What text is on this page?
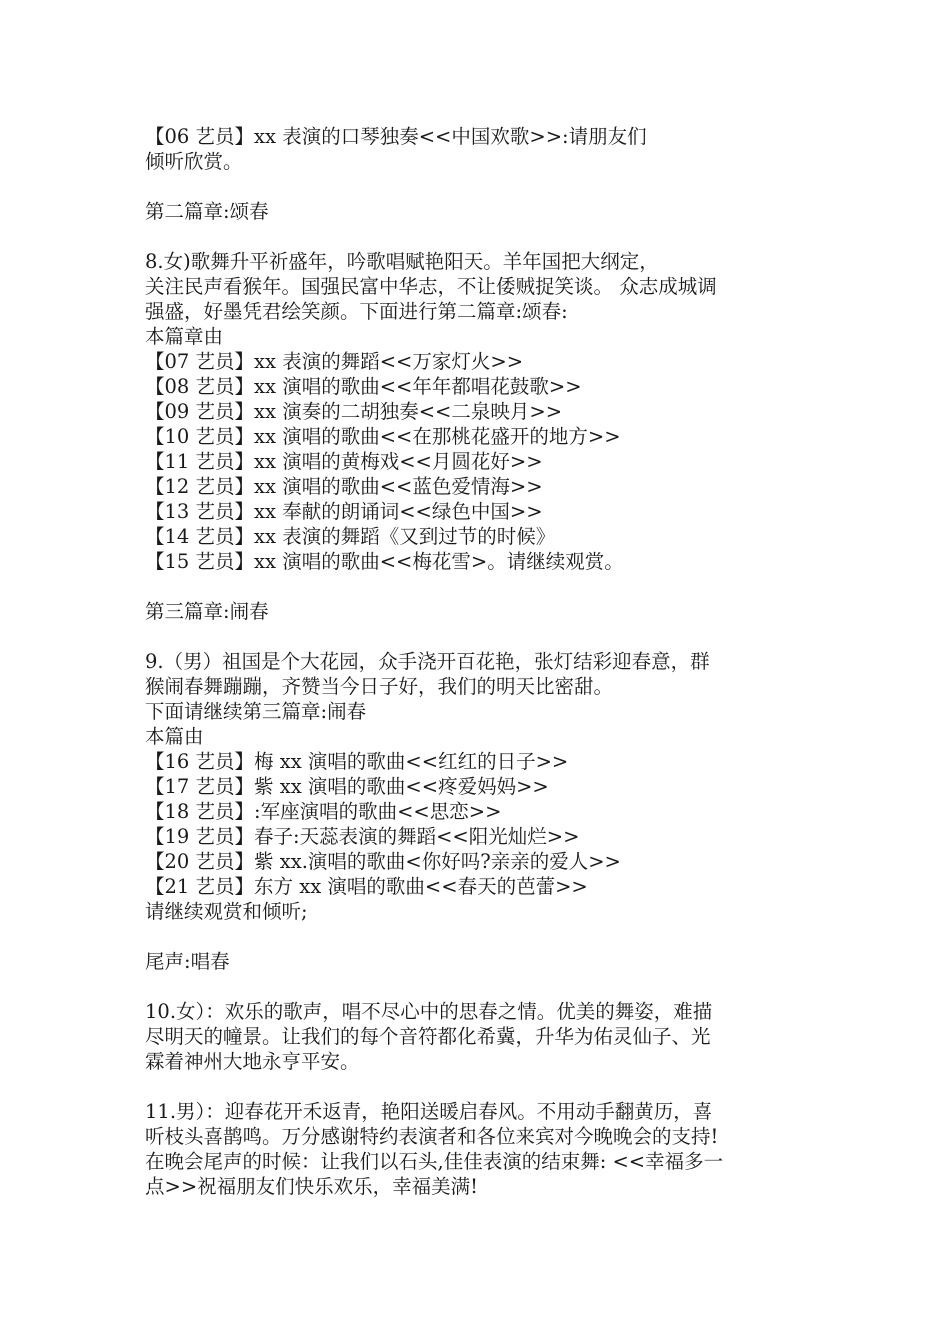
【06 艺员】xx 表演的口琴独奏<<中国欢歌>>:请朋友们
倾听欣赏。
第二篇章:颂春
8.女)歌舞升平祈盛年，吟歌唱赋艳阳天。羊年国把大纲定，
关注民声看猴年。国强民富中华志，不让倭贼捉笑谈。 众志成城调
强盛，好墨凭君绘笑颜。下面进行第二篇章:颂春:
本篇章由
【07 艺员】xx 表演的舞蹈<<万家灯火>>
【08 艺员】xx 演唱的歌曲<<年年都唱花鼓歌>>
【09 艺员】xx 演奏的二胡独奏<<二泉映月>>
【10 艺员】xx 演唱的歌曲<<在那桃花盛开的地方>>
【11 艺员】xx 演唱的黄梅戏<<月圆花好>>
【12 艺员】xx 演唱的歌曲<<蓝色爱情海>>
【13 艺员】xx 奉献的朗诵词<<绿色中国>>
【14 艺员】xx 表演的舞蹈《又到过节的时候》
【15 艺员】xx 演唱的歌曲<<梅花雪>。请继续观赏。
第三篇章:闹春
9.（男）祖国是个大花园，众手浇开百花艳，张灯结彩迎春意，群
猴闹春舞蹦蹦，齐赞当今日子好，我们的明天比密甜。
下面请继续第三篇章:闹春
本篇由
【16 艺员】梅 xx 演唱的歌曲<<红红的日子>>
【17 艺员】紫 xx 演唱的歌曲<<疼爱妈妈>>
【18 艺员】:军座演唱的歌曲<<思恋>>
【19 艺员】春子:天蕊表演的舞蹈<<阳光灿烂>>
【20 艺员】紫 xx.演唱的歌曲<你好吗?亲亲的爱人>>
【21 艺员】东方 xx 演唱的歌曲<<春天的芭蕾>>
请继续观赏和倾听;
尾声:唱春
10.女）：欢乐的歌声，唱不尽心中的思春之情。优美的舞姿，难描
尽明天的幢景。让我们的每个音符都化希冀，升华为佑灵仙子、光
霖着神州大地永亨平安。
11.男）：迎春花开禾返青，艳阳送暖启春风。不用动手翻黄历，喜
听枝头喜鹊鸣。万分感谢特约表演者和各位来宾对今晚晚会的支持!
在晚会尾声的时候：让我们以石头,佳佳表演的结束舞: <<幸福多一
点>>祝福朋友们快乐欢乐，幸福美满!
